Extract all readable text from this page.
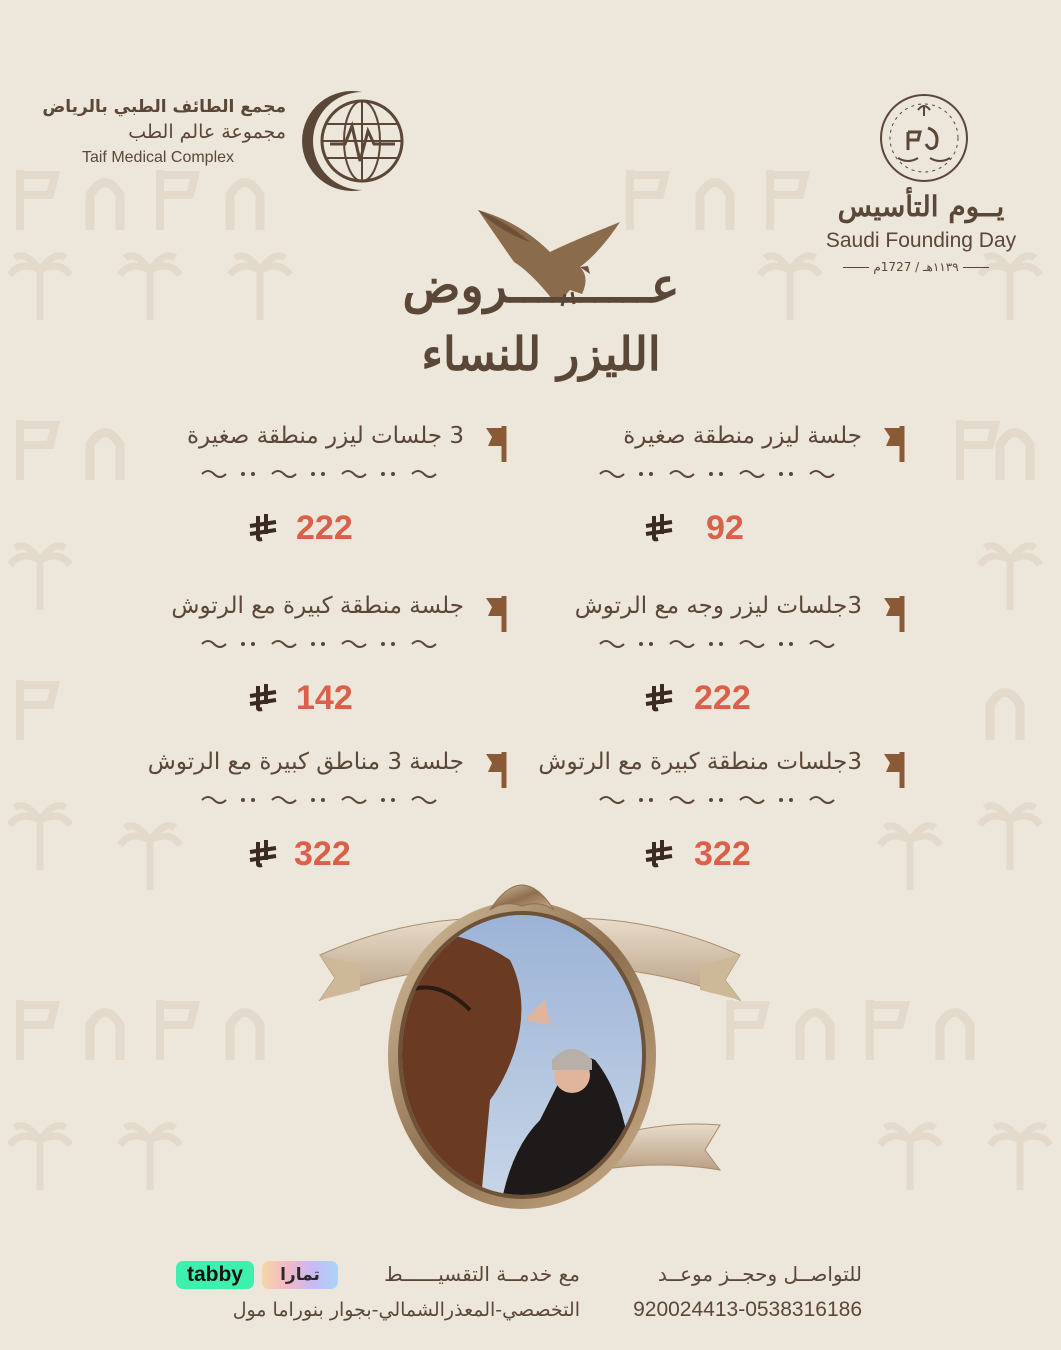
مجمع الطائف الطبي بالرياض
مجموعة عالم الطب
Taif Medical Complex
يــوم التأسيس
Saudi Founding Day
١١٣٩هـ / 1727م
عــــــــــروض
الليزر للنساء
جلسة ليزر منطقة صغيرة
92
3 جلسات ليزر منطقة صغيرة
222
3جلسات ليزر وجه مع الرتوش
222
جلسة منطقة كبيرة مع الرتوش
142
3جلسات منطقة كبيرة مع الرتوش
322
جلسة 3 مناطق كبيرة مع الرتوش
322
للتواصــل وحجــز موعــد
920024413-0538316186
مع خدمــة التقسيــــــط
التخصصي-المعذرالشمالي-بجوار بنوراما مول
تمارا
tabby
